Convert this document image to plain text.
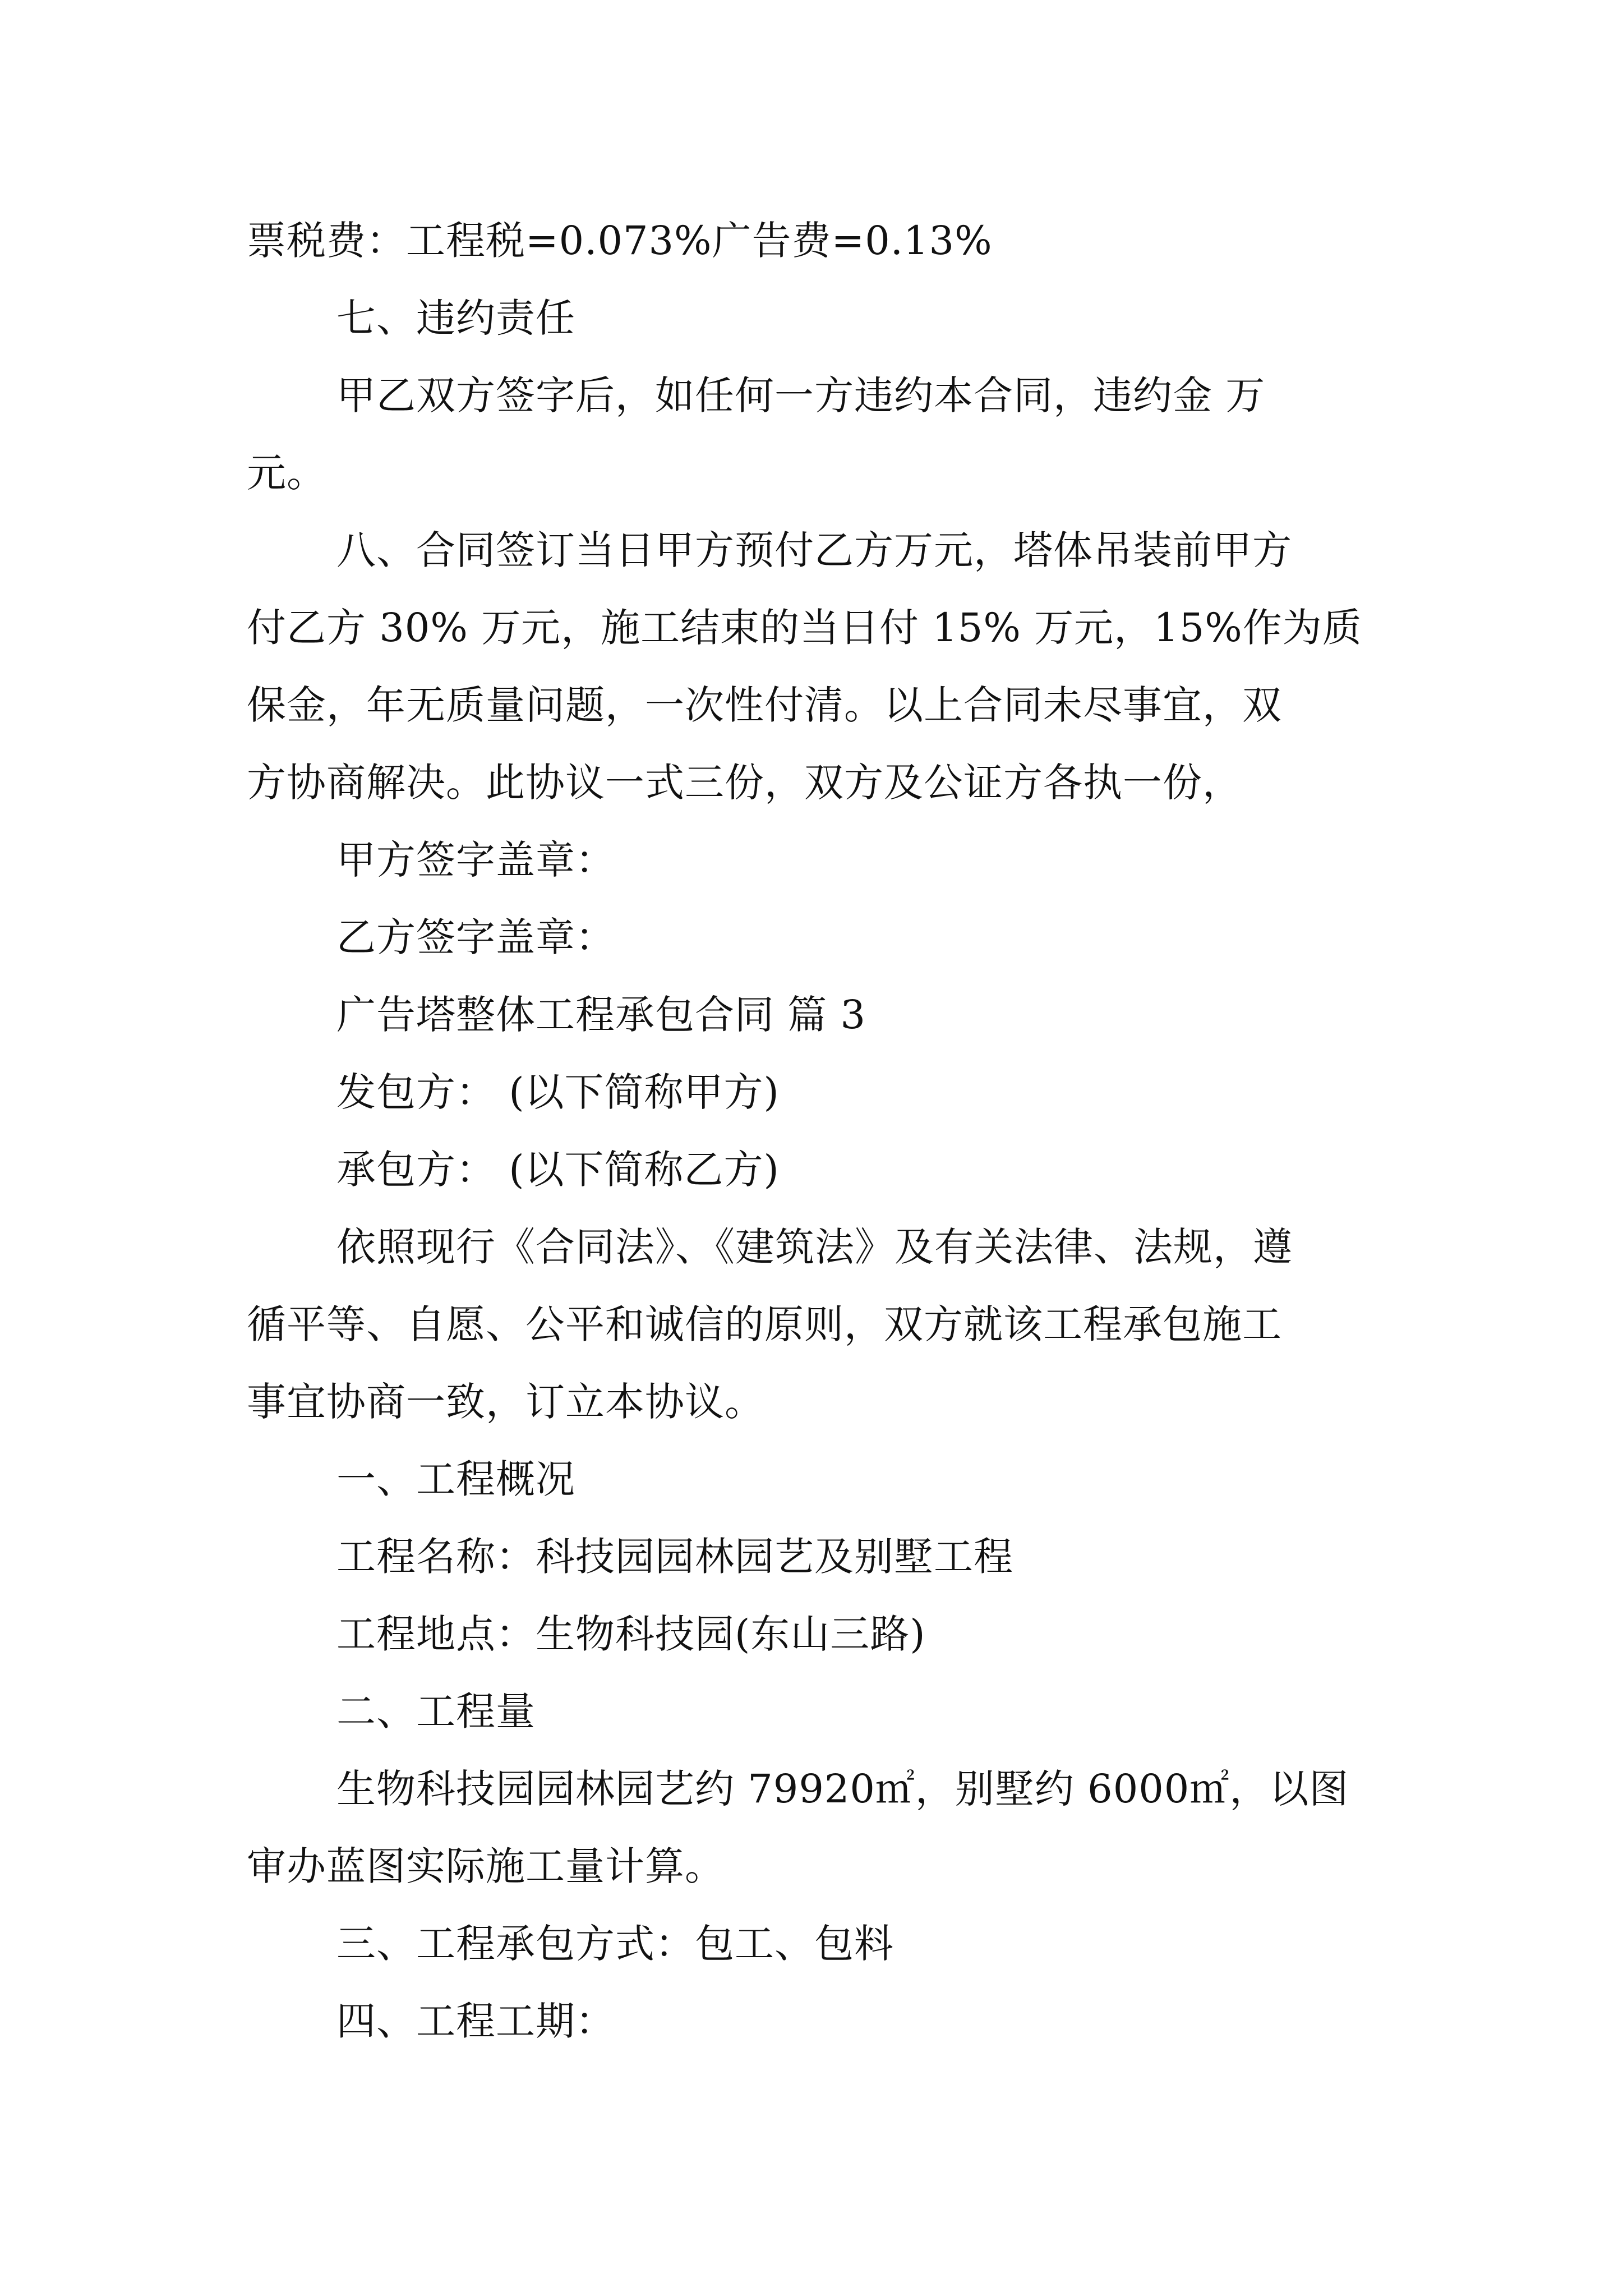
票税费：工程税=0.073%广告费=0.13%
七、违约责任
甲乙双方签字后，如任何一方违约本合同，违约金 万
元。
八、合同签订当日甲方预付乙方万元，塔体吊装前甲方
付乙方 30% 万元，施工结束的当日付 15% 万元，15%作为质
保金，年无质量问题，一次性付清。以上合同未尽事宜，双
方协商解决。此协议一式三份，双方及公证方各执一份，
甲方签字盖章：
乙方签字盖章：
广告塔整体工程承包合同 篇 3
发包方： (以下简称甲方)
承包方： (以下简称乙方)
依照现行《合同法》、《建筑法》及有关法律、法规，遵
循平等、自愿、公平和诚信的原则，双方就该工程承包施工
事宜协商一致，订立本协议。
一、工程概况
工程名称：科技园园林园艺及别墅工程
工程地点：生物科技园(东山三路)
二、工程量
生物科技园园林园艺约 79920㎡，别墅约 6000㎡，以图
审办蓝图实际施工量计算。
三、工程承包方式：包工、包料
四、工程工期：
